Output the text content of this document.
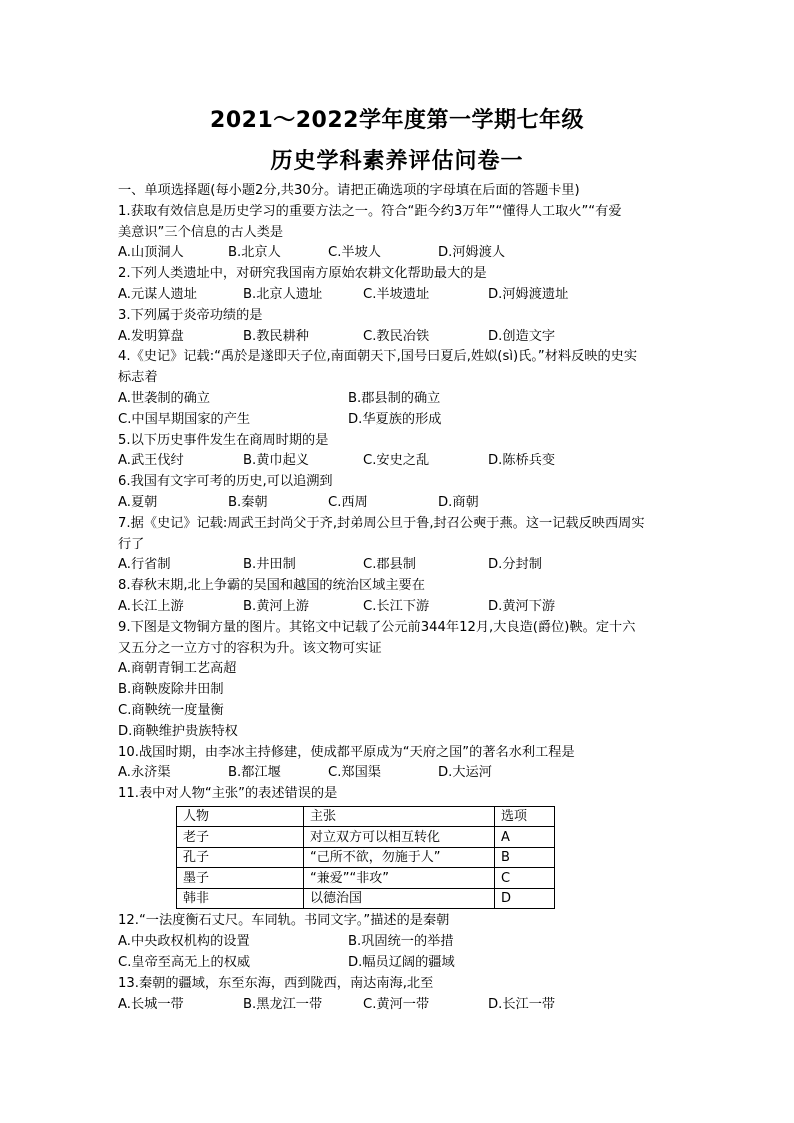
2021～2022学年度第一学期七年级
历史学科素养评估问卷一
一、单项选择题(每小题2分,共30分。请把正确选项的字母填在后面的答题卡里)
1.获取有效信息是历史学习的重要方法之一。符合“距今约3万年”“懂得人工取火”“有爱
美意识”三个信息的古人类是
A.山顶洞人	B.北京人	C.半坡人	D.河姆渡人
2.下列人类遗址中，对研究我国南方原始农耕文化帮助最大的是
A.元谋人遗址	B.北京人遗址	C.半坡遗址	D.河姆渡遗址
3.下列属于炎帝功绩的是
A.发明算盘	B.教民耕种	C.教民冶铁	D.创造文字
4.《史记》记载:“禹於是遂即天子位,南面朝天下,国号曰夏后,姓姒(sì)氏。”材料反映的史实
标志着
A.世袭制的确立	B.郡县制的确立
C.中国早期国家的产生	D.华夏族的形成
5.以下历史事件发生在商周时期的是
A.武王伐纣	B.黄巾起义	C.安史之乱	D.陈桥兵变
6.我国有文字可考的历史,可以追溯到
A.夏朝	B.秦朝	C.西周	D.商朝
7.据《史记》记载:周武王封尚父于齐,封弟周公旦于鲁,封召公奭于燕。这一记载反映西周实
行了
A.行省制	B.井田制	C.郡县制	D.分封制
8.春秋末期,北上争霸的吴国和越国的统治区域主要在
A.长江上游	B.黄河上游	C.长江下游	D.黄河下游
9.下图是文物铜方量的图片。其铭文中记载了公元前344年12月,大良造(爵位)鞅。定十六
又五分之一立方寸的容积为升。该文物可实证
A.商朝青铜工艺高超
B.商鞅废除井田制
C.商鞅统一度量衡
D.商鞅维护贵族特权
10.战国时期，由李冰主持修建，使成都平原成为“天府之国”的著名水利工程是
A.永济渠	B.都江堰	C.郑国渠	D.大运河
11.表中对人物“主张”的表述错误的是
人物	主张	选项
老子	对立双方可以相互转化	A
孔子	“己所不欲，勿施于人”	B
墨子	“兼爱”“非攻”	C
韩非	以德治国	D
12.“一法度衡石丈尺。车同轨。书同文字。”描述的是秦朝
A.中央政权机构的设置	B.巩固统一的举措
C.皇帝至高无上的权威	D.幅员辽阔的疆域
13.秦朝的疆域，东至东海，西到陇西，南达南海,北至
A.长城一带	B.黑龙江一带	C.黄河一带	D.长江一带
